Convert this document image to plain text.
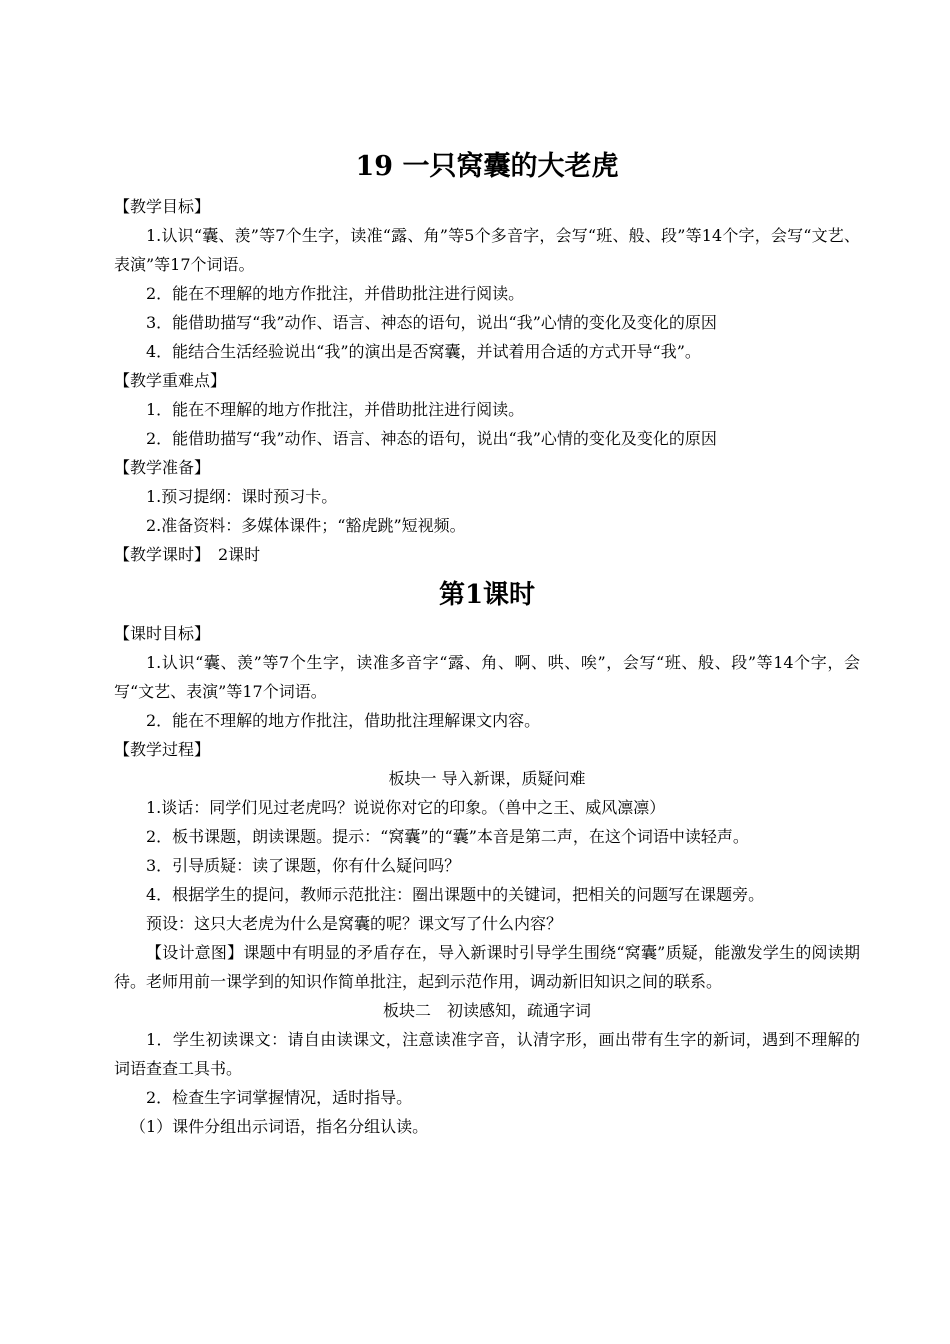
19 一只窝囊的大老虎

【教学目标】

1.认识“囊、羡”等7个生字，读准“露、角”等5个多音字，会写“班、般、段”等14个字，会写“文艺、表演”等17个词语。

2．能在不理解的地方作批注，并借助批注进行阅读。

3．能借助描写“我”动作、语言、神态的语句，说出“我”心情的变化及变化的原因

4．能结合生活经验说出“我”的演出是否窝囊，并试着用合适的方式开导“我”。

【教学重难点】

1．能在不理解的地方作批注，并借助批注进行阅读。

2．能借助描写“我”动作、语言、神态的语句，说出“我”心情的变化及变化的原因

【教学准备】

1.预习提纲：课时预习卡。

2.准备资料：多媒体课件；“豁虎跳”短视频。

【教学课时】　2课时

第1课时

【课时目标】

1.认识“囊、羡”等7个生字，读准多音字“露、角、啊、哄、唉”，会写“班、般、段”等14个字，会写“文艺、表演”等17个词语。

2．能在不理解的地方作批注，借助批注理解课文内容。

【教学过程】

板块一 导入新课，质疑问难

1.谈话：同学们见过老虎吗？说说你对它的印象。（兽中之王、威风凛凛）

2．板书课题，朗读课题。提示：“窝囊”的“囊”本音是第二声，在这个词语中读轻声。

3．引导质疑：读了课题，你有什么疑问吗？

4．根据学生的提问，教师示范批注：圈出课题中的关键词，把相关的问题写在课题旁。

预设：这只大老虎为什么是窝囊的呢？课文写了什么内容？

【设计意图】课题中有明显的矛盾存在，导入新课时引导学生围绕“窝囊”质疑，能激发学生的阅读期待。老师用前一课学到的知识作简单批注，起到示范作用，调动新旧知识之间的联系。

板块二　初读感知，疏通字词

1．学生初读课文：请自由读课文，注意读准字音，认清字形，画出带有生字的新词，遇到不理解的词语查查工具书。

2．检查生字词掌握情况，适时指导。

（1）课件分组出示词语，指名分组认读。
